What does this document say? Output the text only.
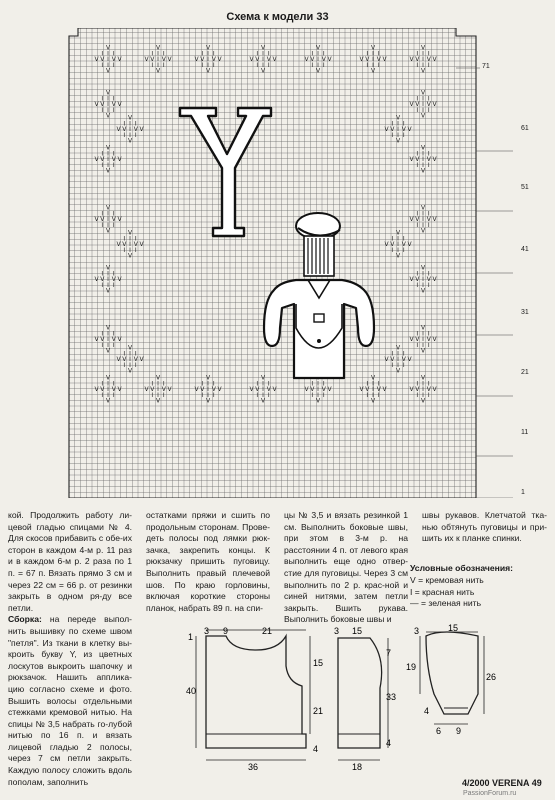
Схема к модели 33
V
I I I
V V I V V
I I I
V
V
I I I
V V I V V
I I I
V
V
I I I
V V I V V
I I I
V
V
I I I
V V I V V
I I I
V
V
I I I
V V I V V
I I I
V
V
I I I
V V I V V
I I I
V
V
I I I
V V I V V
I I I
V
V
I I I
V V I V V
I I I
V
V
I I I
V V I V V
I I I
V
V
I I I
V V I V V
I I I
V
V
I I I
V V I V V
I I I
V
V
I I I
V V I V V
I I I
V
V
I I I
V V I V V
I I I
V
V
I I I
V V I V V
I I I
V
V
I I I
V V I V V
I I I
V
V
I I I
V V I V V
I I I
V
V
I I I
V V I V V
I I I
V
V
I I I
V V I V V
I I I
V
V
I I I
V V I V V
I I I
V
V
I I I
V V I V V
I I I
V
V
I I I
V V I V V
I I I
V
I I I
V V I V V
I I I
V
V
I I I
V V I V V
I I I
V
V
I I I
V V I V V
I I I
V
V
I I I
V V I V V
I I I
V
V
I I I
V V I V V
I I I
V
V
I I I
V V I V V
I I I
V
V
I I I
V V I V V
I I I
V
V
I I I
V V I V V
I I I
V
V
I I I
V V I V V
I I I
V
71
61
51
41
31
21
11
1

кой. Продолжить работу ли-цевой гладью спицами № 4. Для скосов прибавить с обе-их сторон в каждом 4-м р. 11 раз и в каждом 6-м р. 2 раза по 1 п. = 67 п. Вязать прямо 3 см и через 22 см = 66 р. от резинки закрыть в одном ря-ду все петли.

Сборка: на переде выпол-нить вышивку по схеме швом "петля". Из ткани в клетку вы-кроить букву Y, из цветных лоскутов выкроить шапочку и рюкзачок. Нашить апплика-цию согласно схеме и фото. Вышить волосы отдельными стежками кремовой нитью. На спицы № 3,5 набрать го-лубой нитью по 16 п. и вязать лицевой гладью 2 полосы, через 7 см петли закрыть. Каждую полосу сложить вдоль пополам, заполнить

остатками пряжи и сшить по продольным сторонам. Прове-деть полосы под лямки рюк-зачка, закрепить концы. К рюкзачку пришить пуговицу. Выполнить правый плечевой шов. По краю горловины, включая короткие стороны планок, набрать 89 п. на спи-

цы № 3,5 и вязать резинкой 1 см. Выполнить боковые швы, при этом в 3-м р. на расстоянии 4 п. от левого края выполнить еще одно отвер-стие для пуговицы. Через 3 см выполнить по 2 р. крас-ной и синей нитями, затем петли закрыть. Вшить рукава. Выполнить боковые швы и

швы рукавов. Клетчатой тка-нью обтянуть пуговицы и при-шить их к планке спинки.

Условные обозначения:
V = кремовая нить
I = красная нить
— = зеленая нить
3 9	21
1
15
40
21
4
36
3 15
7
33
4
18
15
3
19
26
4
6 9
4/2000 VERENA 49
PassionForum.ru
